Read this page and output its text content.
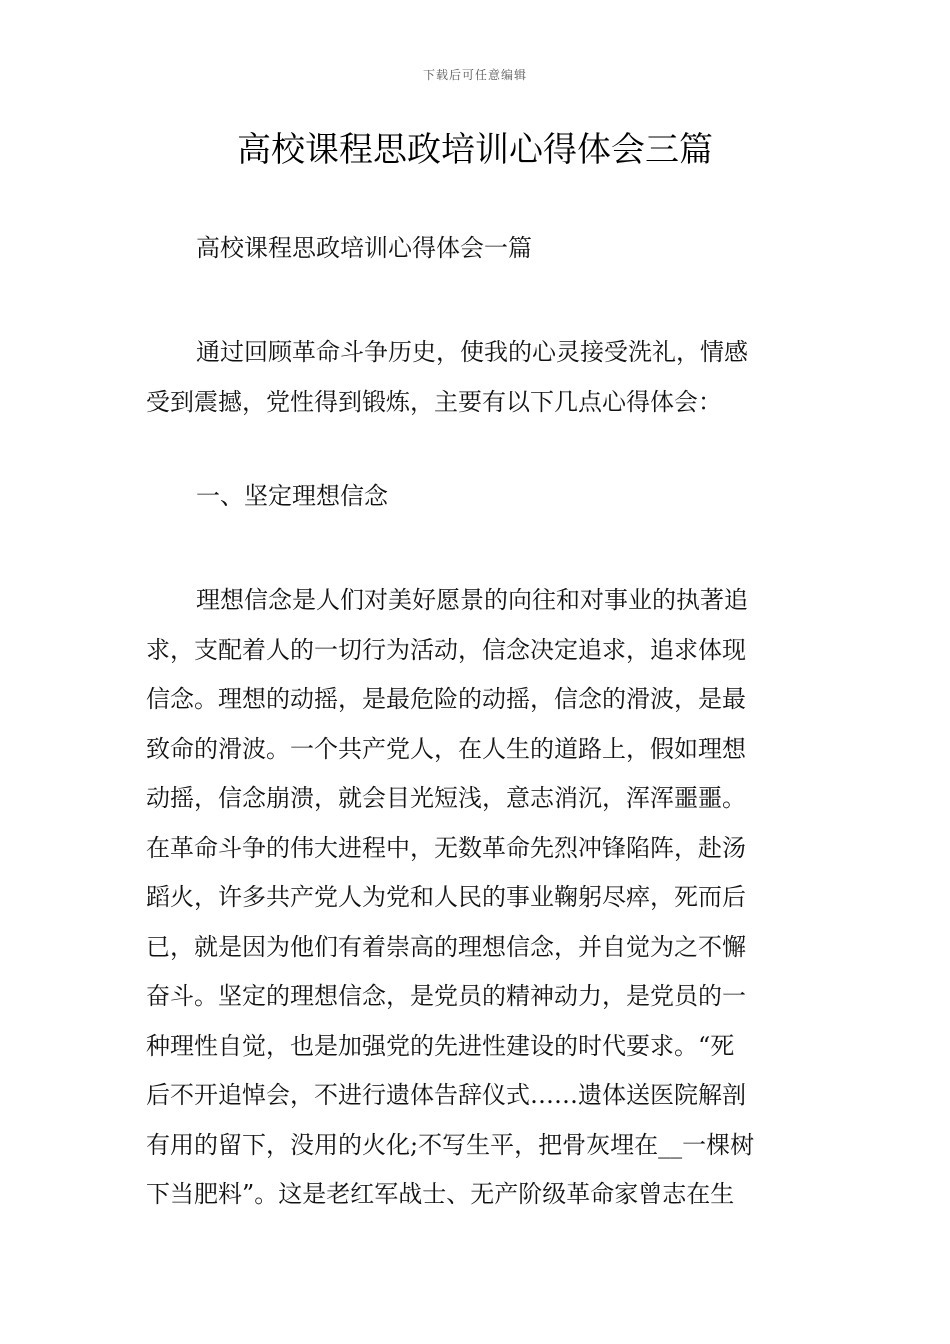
下载后可任意编辑
高校课程思政培训心得体会三篇

高校课程思政培训心得体会一篇

通过回顾革命斗争历史，使我的心灵接受洗礼，情感
受到震撼，党性得到锻炼，主要有以下几点心得体会：

一、坚定理想信念

理想信念是人们对美好愿景的向往和对事业的执著追
求，支配着人的一切行为活动，信念决定追求，追求体现
信念。理想的动摇，是最危险的动摇，信念的滑波，是最
致命的滑波。一个共产党人，在人生的道路上，假如理想
动摇，信念崩溃，就会目光短浅，意志消沉，浑浑噩噩。
在革命斗争的伟大进程中，无数革命先烈冲锋陷阵，赴汤
蹈火，许多共产党人为党和人民的事业鞠躬尽瘁，死而后
已，就是因为他们有着崇高的理想信念，并自觉为之不懈
奋斗。坚定的理想信念，是党员的精神动力，是党员的一
种理性自觉，也是加强党的先进性建设的时代要求。“死
后不开追悼会，不进行遗体告辞仪式……遗体送医院解剖
有用的留下，没用的火化;不写生平，把骨灰埋在__一棵树
下当肥料”。这是老红军战士、无产阶级革命家曾志在生
